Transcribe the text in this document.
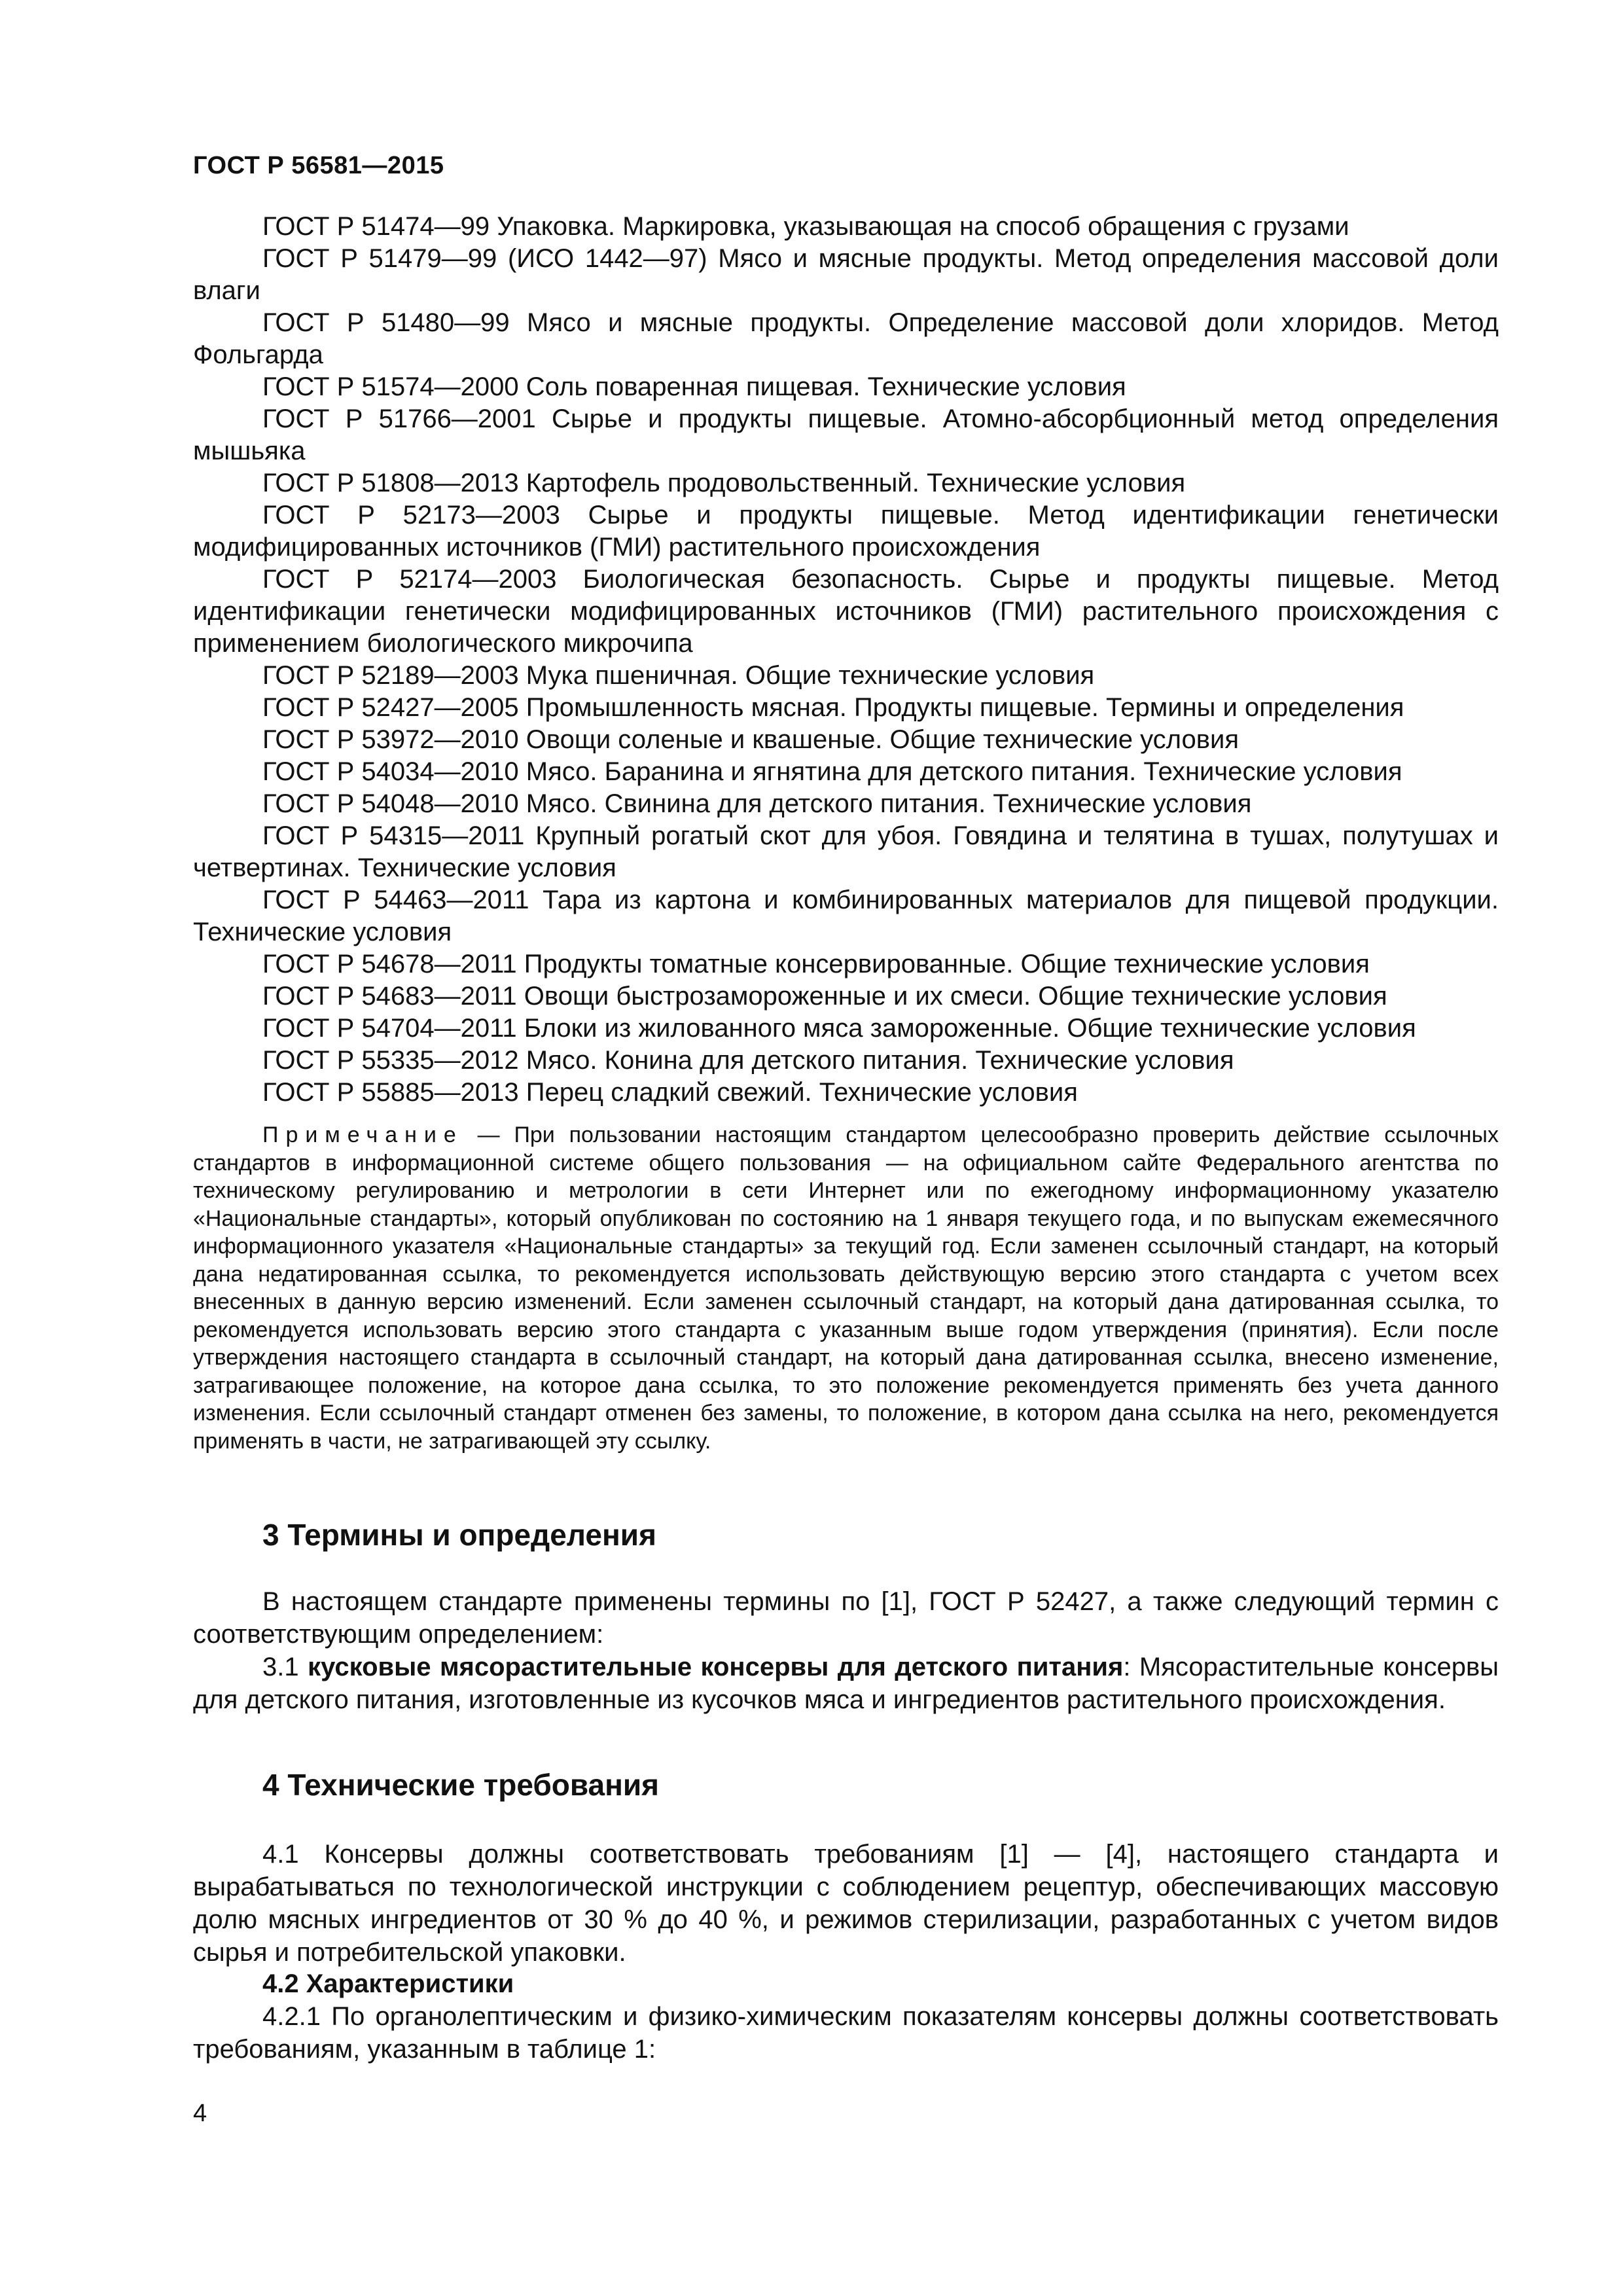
ГОСТ Р 56581—2015

ГОСТ Р 51474—99 Упаковка. Маркировка, указывающая на способ обращения с грузами

ГОСТ Р 51479—99 (ИСО 1442—97) Мясо и мясные продукты. Метод определения массовой доли влаги

ГОСТ Р 51480—99 Мясо и мясные продукты. Определение массовой доли хлоридов. Метод Фольгарда

ГОСТ Р 51574—2000 Соль поваренная пищевая. Технические условия

ГОСТ Р 51766—2001 Сырье и продукты пищевые. Атомно-абсорбционный метод определения мышьяка

ГОСТ Р 51808—2013 Картофель продовольственный. Технические условия

ГОСТ Р 52173—2003 Сырье и продукты пищевые. Метод идентификации генетически модифицированных источников (ГМИ) растительного происхождения

ГОСТ Р 52174—2003 Биологическая безопасность. Сырье и продукты пищевые. Метод идентификации генетически модифицированных источников (ГМИ) растительного происхождения с применением биологического микрочипа

ГОСТ Р 52189—2003 Мука пшеничная. Общие технические условия

ГОСТ Р 52427—2005 Промышленность мясная. Продукты пищевые. Термины и определения

ГОСТ Р 53972—2010 Овощи соленые и квашеные. Общие технические условия

ГОСТ Р 54034—2010 Мясо. Баранина и ягнятина для детского питания. Технические условия

ГОСТ Р 54048—2010 Мясо. Свинина для детского питания. Технические условия

ГОСТ Р 54315—2011 Крупный рогатый скот для убоя. Говядина и телятина в тушах, полутушах и четвертинах. Технические условия

ГОСТ Р 54463—2011 Тара из картона и комбинированных материалов для пищевой продукции. Технические условия

ГОСТ Р 54678—2011 Продукты томатные консервированные. Общие технические условия

ГОСТ Р 54683—2011 Овощи быстрозамороженные и их смеси. Общие технические условия

ГОСТ Р 54704—2011 Блоки из жилованного мяса замороженные. Общие технические условия

ГОСТ Р 55335—2012 Мясо. Конина для детского питания. Технические условия

ГОСТ Р 55885—2013 Перец сладкий свежий. Технические условия

Примечание — При пользовании настоящим стандартом целесообразно проверить действие ссылочных стандартов в информационной системе общего пользования — на официальном сайте Федерального агентства по техническому регулированию и метрологии в сети Интернет или по ежегодному информационному указателю «Национальные стандарты», который опубликован по состоянию на 1 января текущего года, и по выпускам ежемесячного информационного указателя «Национальные стандарты» за текущий год. Если заменен ссылочный стандарт, на который дана недатированная ссылка, то рекомендуется использовать действующую версию этого стандарта с учетом всех внесенных в данную версию изменений. Если заменен ссылочный стандарт, на который дана датированная ссылка, то рекомендуется использовать версию этого стандарта с указанным выше годом утверждения (принятия). Если после утверждения настоящего стандарта в ссылочный стандарт, на который дана датированная ссылка, внесено изменение, затрагивающее положение, на которое дана ссылка, то это положение рекомендуется применять без учета данного изменения. Если ссылочный стандарт отменен без замены, то положение, в котором дана ссылка на него, рекомендуется применять в части, не затрагивающей эту ссылку.

3 Термины и определения

В настоящем стандарте применены термины по [1], ГОСТ Р 52427, а также следующий термин с соответствующим определением:

3.1 кусковые мясорастительные консервы для детского питания: Мясорастительные консервы для детского питания, изготовленные из кусочков мяса и ингредиентов растительного происхождения.

4 Технические требования

4.1 Консервы должны соответствовать требованиям [1] — [4], настоящего стандарта и вырабатываться по технологической инструкции с соблюдением рецептур, обеспечивающих массовую долю мясных ингредиентов от 30 % до 40 %, и режимов стерилизации, разработанных с учетом видов сырья и потребительской упаковки.

4.2 Характеристики

4.2.1 По органолептическим и физико-химическим показателям консервы должны соответствовать требованиям, указанным в таблице 1:

4
